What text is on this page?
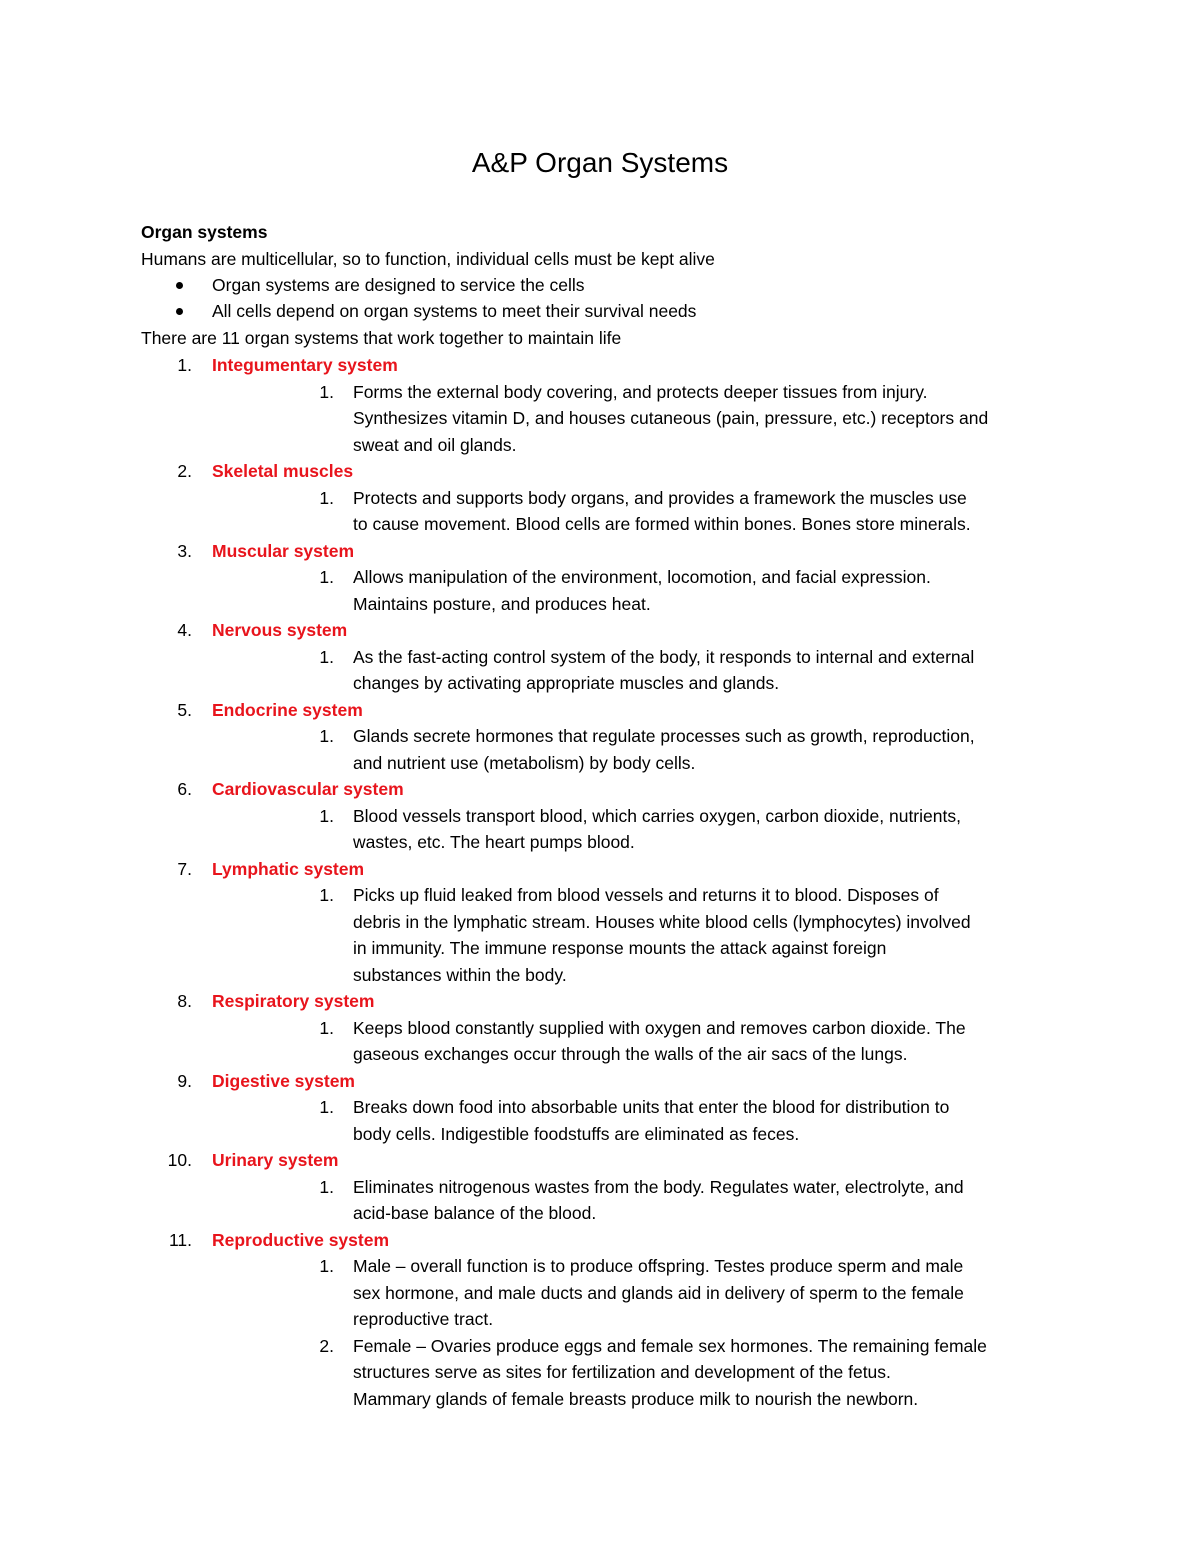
A&P Organ Systems
Organ systems
Humans are multicellular, so to function, individual cells must be kept alive
Organ systems are designed to service the cells
All cells depend on organ systems to meet their survival needs
There are 11 organ systems that work together to maintain life
1. Integumentary system
1. Forms the external body covering, and protects deeper tissues from injury.
Synthesizes vitamin D, and houses cutaneous (pain, pressure, etc.) receptors and
sweat and oil glands.
2. Skeletal muscles
1. Protects and supports body organs, and provides a framework the muscles use
to cause movement. Blood cells are formed within bones. Bones store minerals.
3. Muscular system
1. Allows manipulation of the environment, locomotion, and facial expression.
Maintains posture, and produces heat.
4. Nervous system
1. As the fast-acting control system of the body, it responds to internal and external
changes by activating appropriate muscles and glands.
5. Endocrine system
1. Glands secrete hormones that regulate processes such as growth, reproduction,
and nutrient use (metabolism) by body cells.
6. Cardiovascular system
1. Blood vessels transport blood, which carries oxygen, carbon dioxide, nutrients,
wastes, etc. The heart pumps blood.
7. Lymphatic system
1. Picks up fluid leaked from blood vessels and returns it to blood. Disposes of
debris in the lymphatic stream. Houses white blood cells (lymphocytes) involved
in immunity. The immune response mounts the attack against foreign
substances within the body.
8. Respiratory system
1. Keeps blood constantly supplied with oxygen and removes carbon dioxide. The
gaseous exchanges occur through the walls of the air sacs of the lungs.
9. Digestive system
1. Breaks down food into absorbable units that enter the blood for distribution to
body cells. Indigestible foodstuffs are eliminated as feces.
10. Urinary system
1. Eliminates nitrogenous wastes from the body. Regulates water, electrolyte, and
acid-base balance of the blood.
11. Reproductive system
1. Male – overall function is to produce offspring. Testes produce sperm and male
sex hormone, and male ducts and glands aid in delivery of sperm to the female
reproductive tract.
2. Female – Ovaries produce eggs and female sex hormones. The remaining female
structures serve as sites for fertilization and development of the fetus.
Mammary glands of female breasts produce milk to nourish the newborn.
